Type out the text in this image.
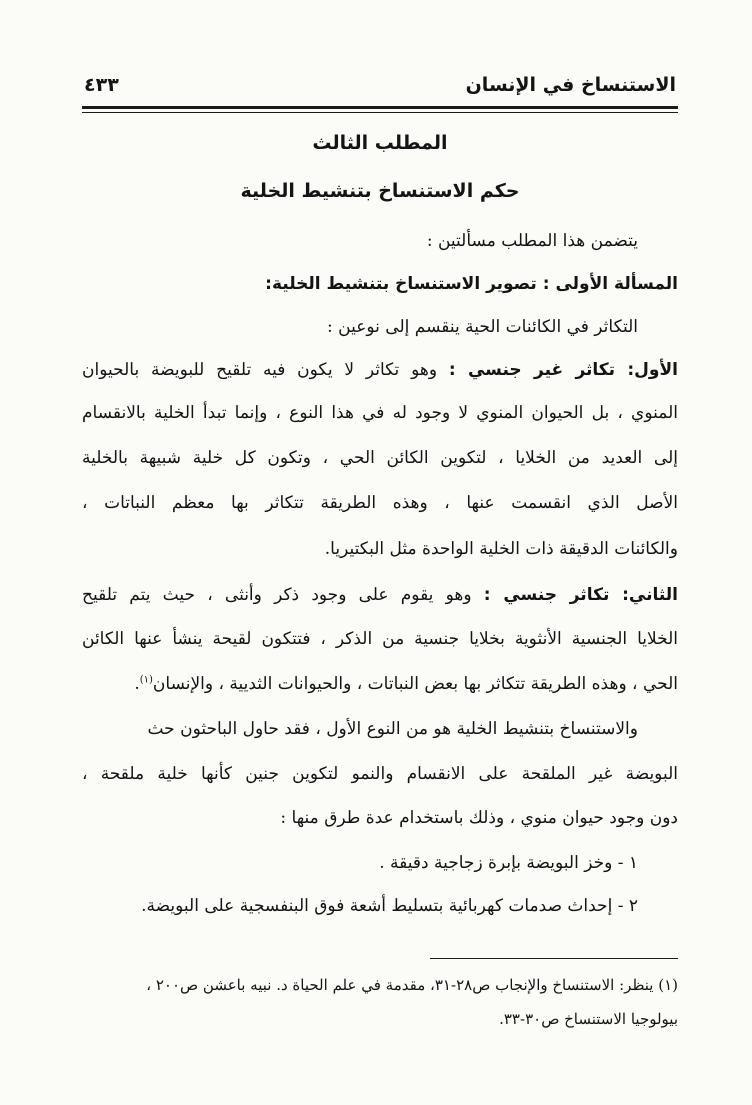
الاستنساخ في الإنسان
٤٣٣
المطلب الثالث
حكم الاستنساخ بتنشيط الخلية
يتضمن هذا المطلب مسألتين :
المسألة الأولى : تصوير الاستنساخ بتنشيط الخلية:
التكاثر في الكائنات الحية ينقسم إلى نوعين :
الأول: تكاثر غير جنسي : وهو تكاثر لا يكون فيه تلقيح للبويضة بالحيوان
المنوي ، بل الحيوان المنوي لا وجود له في هذا النوع ، وإنما تبدأ الخلية بالانقسام
إلى العديد من الخلايا ، لتكوين الكائن الحي ، وتكون كل خلية شبيهة بالخلية
الأصل الذي انقسمت عنها ، وهذه الطريقة تتكاثر بها معظم النباتات ،
والكائنات الدقيقة ذات الخلية الواحدة مثل البكتيريا.
الثاني: تكاثر جنسي : وهو يقوم على وجود ذكر وأنثى ، حيث يتم تلقيح
الخلايا الجنسية الأنثوية بخلايا جنسية من الذكر ، فتتكون لقيحة ينشأ عنها الكائن
الحي ، وهذه الطريقة تتكاثر بها بعض النباتات ، والحيوانات الثديية ، والإنسان$^{(١)}$.
والاستنساخ بتنشيط الخلية هو من النوع الأول ، فقد حاول الباحثون حث
البويضة غير الملقحة على الانقسام والنمو لتكوين جنين كأنها خلية ملقحة ،
دون وجود حيوان منوي ، وذلك باستخدام عدة طرق منها :
١ - وخز البويضة بإبرة زجاجية دقيقة .
٢ - إحداث صدمات كهربائية بتسليط أشعة فوق البنفسجية على البويضة.
(١) ينظر: الاستنساخ والإنجاب ص٢٨-٣١، مقدمة في علم الحياة د. نبيه باعشن ص٢٠٠ ،
بيولوجيا الاستنساخ ص٣٠-٣٣.
